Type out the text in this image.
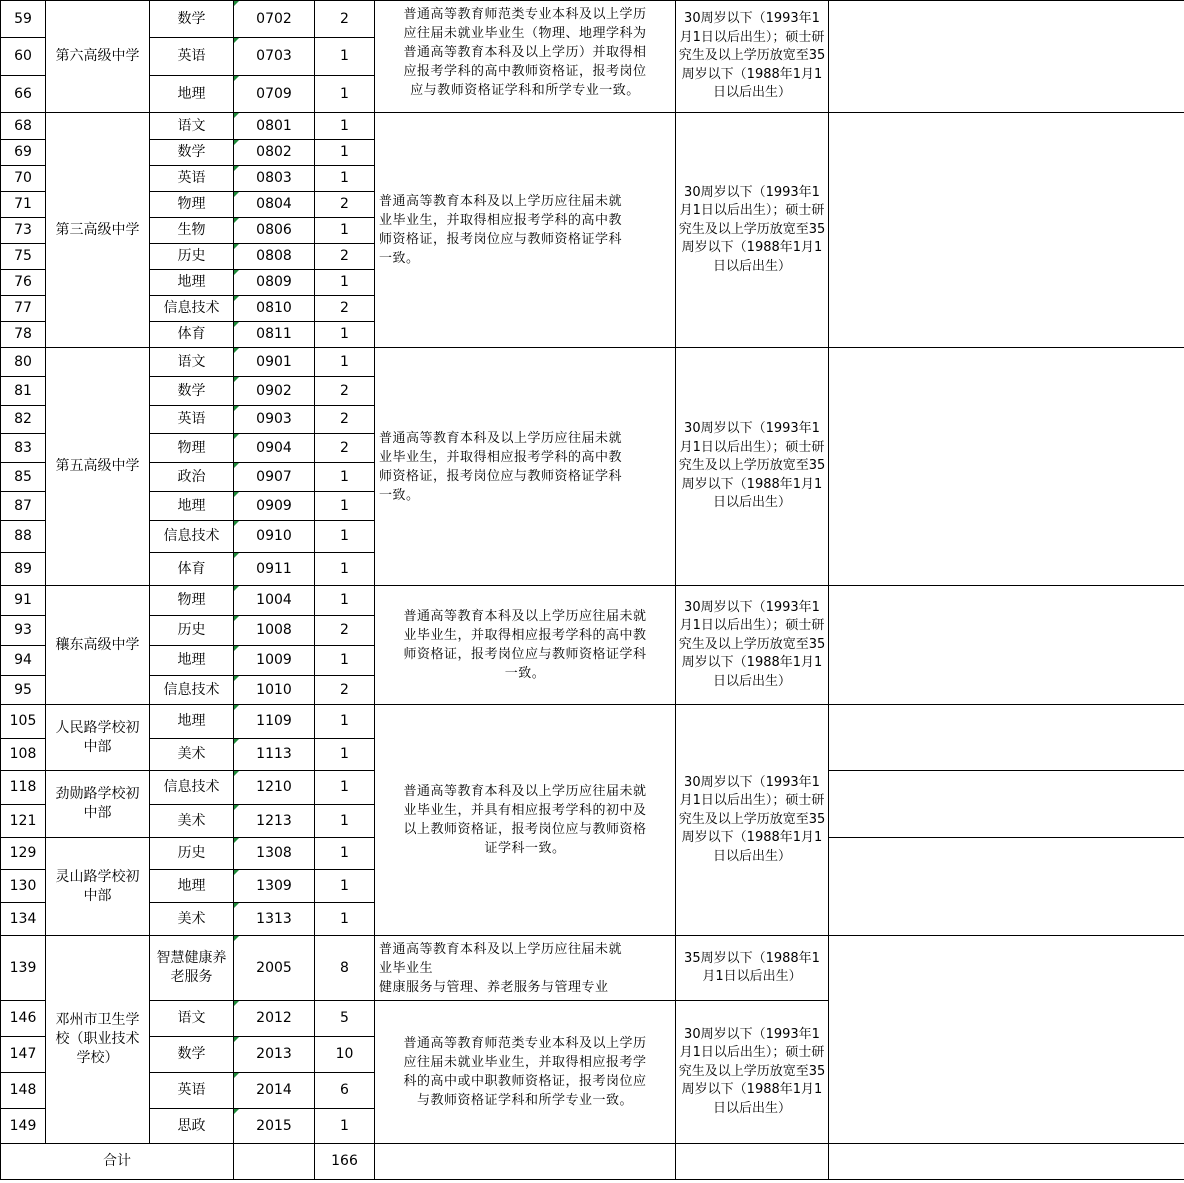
59	第六高级中学	数学	0702	2	普通高等教育师范类专业本科及以上学历
应往届未就业毕业生（物理、地理学科为
普通高等教育本科及以上学历）并取得相
应报考学科的高中教师资格证，报考岗位
应与教师资格证学科和所学专业一致。	30周岁以下（1993年1月1日以后出生）；硕士研究生及以上学历放宽至35周岁以下（1988年1月1日以后出生）	
60		英语	0703	1			
66		地理	0709	1			
68	第三高级中学	语文	0801	1	普通高等教育本科及以上学历应往届未就
业毕业生，并取得相应报考学科的高中教
师资格证，报考岗位应与教师资格证学科
一致。	30周岁以下（1993年1月1日以后出生）；硕士研究生及以上学历放宽至35周岁以下（1988年1月1日以后出生）	
69		数学	0802	1			
70		英语	0803	1			
71		物理	0804	2			
73		生物	0806	1			
75		历史	0808	2			
76		地理	0809	1			
77		信息技术	0810	2			
78		体育	0811	1			
80	第五高级中学	语文	0901	1	普通高等教育本科及以上学历应往届未就
业毕业生，并取得相应报考学科的高中教
师资格证，报考岗位应与教师资格证学科
一致。	30周岁以下（1993年1月1日以后出生）；硕士研究生及以上学历放宽至35周岁以下（1988年1月1日以后出生）	
81		数学	0902	2			
82		英语	0903	2			
83		物理	0904	2			
85		政治	0907	1			
87		地理	0909	1			
88		信息技术	0910	1			
89		体育	0911	1			
91	穰东高级中学	物理	1004	1	普通高等教育本科及以上学历应往届未就
业毕业生，并取得相应报考学科的高中教
师资格证，报考岗位应与教师资格证学科
一致。	30周岁以下（1993年1月1日以后出生）；硕士研究生及以上学历放宽至35周岁以下（1988年1月1日以后出生）	
93		历史	1008	2			
94		地理	1009	1			
95		信息技术	1010	2			
105	人民路学校初中部	地理	1109	1	普通高等教育本科及以上学历应往届未就
业毕业生，并具有相应报考学科的初中及
以上教师资格证，报考岗位应与教师资格
证学科一致。	30周岁以下（1993年1月1日以后出生）；硕士研究生及以上学历放宽至35周岁以下（1988年1月1日以后出生）	
108		美术	1113	1			
118	劲勋路学校初中部	信息技术	1210	1			
121		美术	1213	1			
129	灵山路学校初中部	历史	1308	1			
130		地理	1309	1			
134		美术	1313	1			
139	邓州市卫生学校（职业技术学校）	智慧健康养老服务	2005	8	普通高等教育本科及以上学历应往届未就
业毕业生
健康服务与管理、养老服务与管理专业	35周岁以下（1988年1月1日以后出生）	
146		语文	2012	5	普通高等教育师范类专业本科及以上学历
应往届未就业毕业生，并取得相应报考学
科的高中或中职教师资格证，报考岗位应
与教师资格证学科和所学专业一致。	30周岁以下（1993年1月1日以后出生）；硕士研究生及以上学历放宽至35周岁以下（1988年1月1日以后出生）	
147		数学	2013	10			
148		英语	2014	6			
149		思政	2015	1			
合计				166			
